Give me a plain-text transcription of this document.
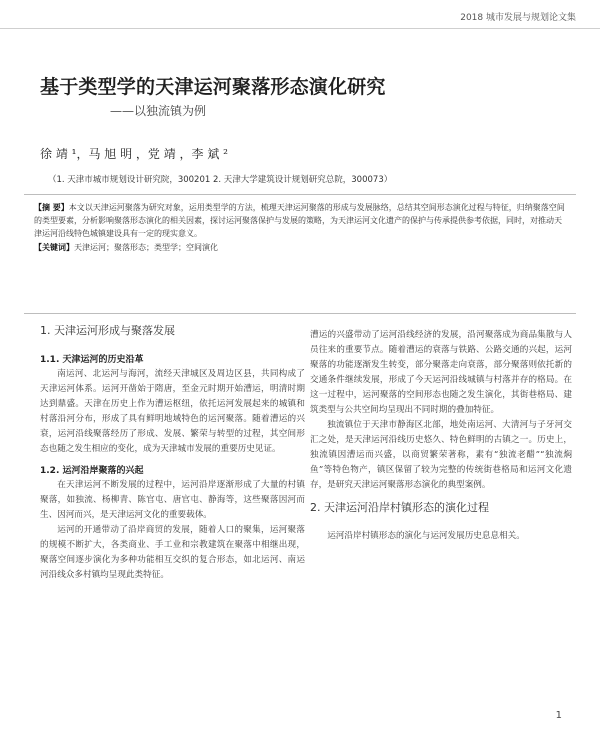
2018 城市发展与规划论文集
基于类型学的天津运河聚落形态演化研究
——以独流镇为例
徐 靖 ¹，马 旭 明 ，党 靖 ，李 斌 ²
（1. 天津市城市规划设计研究院，300201 2. 天津大学建筑设计规划研究总院，300073）
【摘 要】本文以天津运河聚落为研究对象，运用类型学的方法，梳理天津运河聚落的形成与发展脉络，总结其空间形态演化过程与特征，归纳聚落空间的类型要素，分析影响聚落形态演化的相关因素，探讨运河聚落保护与发展的策略，为天津运河文化遗产的保护与传承提供参考依据，同时，对推动天津运河沿线特色城镇建设具有一定的现实意义。
【关键词】天津运河；聚落形态；类型学；空间演化
1. 天津运河形成与聚落发展
1.1. 天津运河的历史沿革

南运河、北运河与海河，流经天津城区及周边区县，共同构成了天津运河体系。运河开凿始于隋唐，至金元时期开始漕运，明清时期达到鼎盛。天津在历史上作为漕运枢纽，依托运河发展起来的城镇和村落沿河分布，形成了具有鲜明地域特色的运河聚落。随着漕运的兴衰，运河沿线聚落经历了形成、发展、繁荣与转型的过程，其空间形态也随之发生相应的变化，成为天津城市发展的重要历史见证。

1.2. 运河沿岸聚落的兴起

在天津运河不断发展的过程中，运河沿岸逐渐形成了大量的村镇聚落，如独流、杨柳青、陈官屯、唐官屯、静海等，这些聚落因河而生、因河而兴，是天津运河文化的重要载体。

运河的开通带动了沿岸商贸的发展，随着人口的聚集，运河聚落的规模不断扩大，各类商业、手工业和宗教建筑在聚落中相继出现，聚落空间逐步演化为多种功能相互交织的复合形态，如北运河、南运河沿线众多村镇均呈现此类特征。

漕运的兴盛带动了运河沿线经济的发展，沿河聚落成为商品集散与人员往来的重要节点。随着漕运的衰落与铁路、公路交通的兴起，运河聚落的功能逐渐发生转变，部分聚落走向衰落，部分聚落则依托新的交通条件继续发展，形成了今天运河沿线城镇与村落并存的格局。在这一过程中，运河聚落的空间形态也随之发生演化，其街巷格局、建筑类型与公共空间均呈现出不同时期的叠加特征。

独流镇位于天津市静海区北部，地处南运河、大清河与子牙河交汇之处，是天津运河沿线历史悠久、特色鲜明的古镇之一。历史上，独流镇因漕运而兴盛，以商贸繁荣著称，素有“独流老醋”“独流焖鱼”等特色物产，镇区保留了较为完整的传统街巷格局和运河文化遗存，是研究天津运河聚落形态演化的典型案例。

2. 天津运河沿岸村镇形态的演化过程

运河沿岸村镇形态的演化与运河发展历史息息相关。

1
